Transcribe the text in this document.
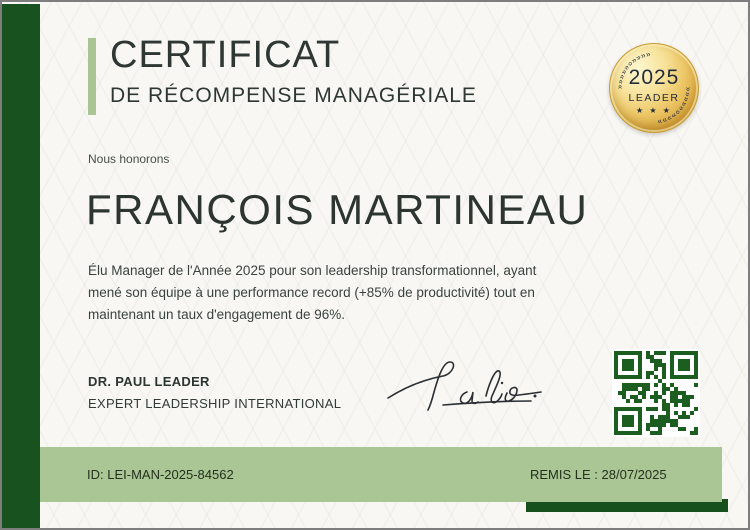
CERTIFICAT
DE RÉCOMPENSE MANAGÉRIALE
««««««««««
««««««««««
2025
LEADER
★ ★ ★
Nous honorons
FRANÇOIS MARTINEAU
Élu Manager de l'Année 2025 pour son leadership transformationnel, ayant
mené son équipe à une performance record (+85% de productivité) tout en
maintenant un taux d'engagement de 96%.
DR. PAUL LEADER
EXPERT LEADERSHIP INTERNATIONAL
ID: LEI-MAN-2025-84562	REMIS LE : 28/07/2025
